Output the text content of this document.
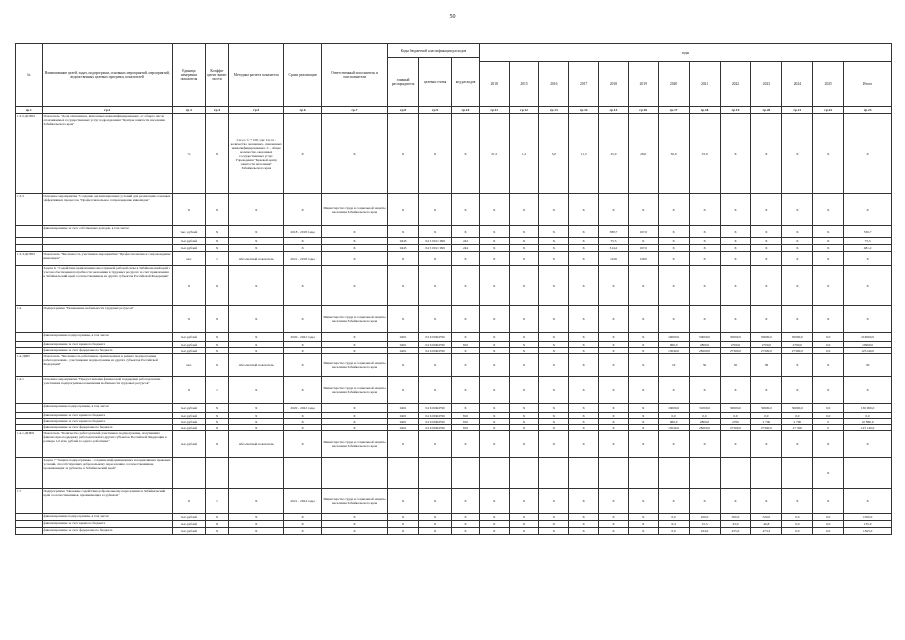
50
№	Наименование целей, задач, подпрограмм, основных мероприятий, мероприятий, ведомственных целевых программ, показателей	Единица измерения показателя	Коэффи-циент значи-мости	Методика расчета показателя	Сроки реализации	Ответственный исполнитель и соисполнители	Коды бюджетной классификации расходов			годы												
							главный распорядитель	целевая статья	код расходов													
										2018	2015	2016	2017	2018	2019	2020	2021	2022	2023	2024	2025	Итого
гр.1	гр.2	гр.3	гр.4	гр.5	гр.6	гр.7	гр.8	гр.9	гр.10	гр.11	гр.12	гр.13	гр.14	гр.15	гр.16	гр.17	гр.18	гр.19	гр.20	гр.21	гр.22	гр.23
1.3.2-ДСВ01	Показатель "Доля охваченных, вписанных неквалифицированных, от общего числа оплачиваемых государственных услуг подразделения "Центры занятости населения Забайкальского края"	%	Х	Сн.эл / С * 100, где: Сн.эл - количество оказанных, охваченных неквалифицированных. С - общее количество оказанных государственных услуг. Учреждения "Краевой центр занятости населения" Забайкальского края	Х	Х	Х	Х	Х	21,5	1,2	5,0	11,3	25,0	28,0	30,0	33,0	Х	Х	Х	Х	Х
1.3.3	Основное мероприятие "Создание организационных условий для реализации основных эффективных процессов "Профессиональное сопровождение инвалидов"	Х	Х	Х	Х	Министерство труда и социальной защиты населения Забайкальского края	Х	Х	Х	Х	Х	Х	Х	Х	Х	Х	Х	Х	Х	Х	Х	Х
	финансирование за счет собственных доходов, в том числе:	тыс. рублей	Х	Х	2018 - 2018 годы	Х	Х	Х	Х	Х	Х	Х	Х	389,7	167,0	Х	Х	Х	Х	Х	Х	556,7
		тыс.рублей	Х	Х	Х	Х	0445	04 5 0011 999	242	Х	Х	Х	Х	75,5	Х	Х	Х	Х	Х	Х	Х	75,5
		тыс.рублей	Х	Х	Х	Х	0445	04 5 0011 999	244	Х	Х	Х	Х	314,2	167,0	Х	Х	Х	Х	Х	Х	481,2
1.3.3-ДСВ01	Показатель "Численность участников мероприятия "Профессиональное сопровождение инвалидов"	чел.	1	Абсолютный показатель	2021 - 2018 годы	Х	Х	Х	Х	Х	Х	Х	Х	1016	1000	Х	Х	Х	Х	Х	Х	Х
	Задача 6. "Содействие привлечению иностранной рабочей силы в Забайкальский край с учетом обеспечения потребности экономики в трудовых ресурсах за счет привлечения в Забайкальский край соотечественников из других субъектов Российской Федерации"	Х	Х	Х	Х	Х	Х	Х	Х	Х	Х	Х	Х	Х	Х	Х	Х	Х	Х	Х	Х	Х
1.4	Подпрограмма "Повышение мобильности трудовых ресурсов"	Х	Х	Х	Х	Министерство труда и социальной защиты населения Забайкальского края	Х	Х	Х	Х	Х	Х	Х	Х	Х	Х	Х	Х	Х	Х	Х	Х
	финансирование подпрограммы, в том числе:	тыс.рублей	Х	Х	2020 - 2022 годы	Х	0401	04 6 00R4790	Х	Х	Х	Х	Х	Х	Х	16000,0	50000,0	50000,0	50000,0	50000,0	0,0	216000,0
	финансирование за счет краевого бюджета	тыс.рублей	Х	Х	Х	Х	0401	04 6 00R4790	810	Х	Х	Х	Х	Х	Х	960,0	2800,0	2700,0	2700,0	2700,0	0,0	10960,0
	финансирование за счет федерального бюджета	тыс.рублей	Х	Х	Х	Х	0401	04 6 00R4790	Х	Х	Х	Х	Х	Х	Х	15040,0	28200,0	27300,0	27300,0	27300,0	0,0	125140,0
1.4-ДПП	Показатель "Численность работников, привлеченных в рамках подпрограммы работодателями - участниками подпрограммы из других субъектов Российской Федерации"	чел.	Х	Абсолютный показатель	Х	Министерство труда и социальной защиты населения Забайкальского края	Х	Х	Х	Х	Х	Х	Х	Х	Х	19	50	50	38	Х	Х	39
1.4.1	Основное мероприятие "Предоставление финансовой поддержки работодателям - участникам подпрограммы повышения мобильности трудовых ресурсов"	Х	1	Х	Х	Министерство труда и социальной защиты населения Забайкальского края	Х	Х	Х	Х	Х	Х	Х	Х	Х	Х	Х	Х	Х	Х	Х	Х
	финансирование подпрограммы, в том числе:	тыс.рублей	Х	Х	2020 - 2022 годы	Х	0401	04 6 00R4790	Х	Х	Х	Х	Х	Х	Х	16000,0	31000,0	30000,0	30000,0	30000,0	0,0	136 000,0
	финансирование за счет краевого бюджета	тыс.рублей	Х	Х	Х	Х	0401	04 6 00R4790	810	Х	Х	Х	Х	Х	Х	0,0	0,0	0,0	0,0	0,0	0,0	0,0
	финансирование за счет краевого бюджета	тыс.рублей	Х	Х	Х	Х	0401	04 6 00R4790	810	Х	Х	Х	Х	Х	Х	960,0	2800,0	2700	2 700	2 700	0	10 860,0
	финансирование за счет федерального бюджета	тыс.рублей	Х	Х	Х	Х	0401	04 6 00R4790	810	Х	Х	Х	Х	Х	Х	15040,0	28200,0	27300,0	27300,0	27 300	0	125 140,0
1.4.1-ДПМ1	Показатель "Количество работодателей-участников подпрограммы, получивших финансовую поддержку работодателей из других субъектов Российской Федерации в размере 1,0 млн. рублей за одного работника"	тыс.рублей	Х	Абсолютный показатель	Х	Министерство труда и социальной защиты населения Забайкальского края	Х	Х	Х	Х	Х	Х	Х	Х	Х	Х	Х	Х	Х	Х	Х	Х
	Задача 7 "Защита подпрограммы - создание информационных и нормативных правовых условий, способствующих добровольному переселению соотечественников, проживающих за рубежом, в Забайкальский край"																				Х	
1.7	Подпрограмма "Оказание содействия добровольному переселению в Забайкальский край соотечественников, проживающих за рубежом"	Х	1	Х	2021 - 2024 годы	Министерство труда и социальной защиты населения Забайкальского края	Х	Х	Х	Х	Х	Х	Х	Х	Х	Х	Х	Х	Х	Х	Х	Х
	финансирование подпрограммы, в том числе:	тыс.рублей	Х	Х	Х	Х	Х	Х	Х	Х	Х	Х	Х	Х	Х	0,0	450,0	500,0	520,0	0,0	0,0	1500,0
	финансирование за счет краевого бюджета	тыс.рублей	Х	Х	Х	Х	Х	Х	Х	Х	Х	Х	Х	Х	Х	6,4	15,5	45,0	46,8	0,0	0,0	135,0
	финансирование за счет федерального бюджета	тыс.рублей	Х	Х	Х	Х	Х	Х	Х	Х	Х	Х	Х	Х	Х	0,0	434,0	455,0	473,2	0,0	0,0	1365,0
